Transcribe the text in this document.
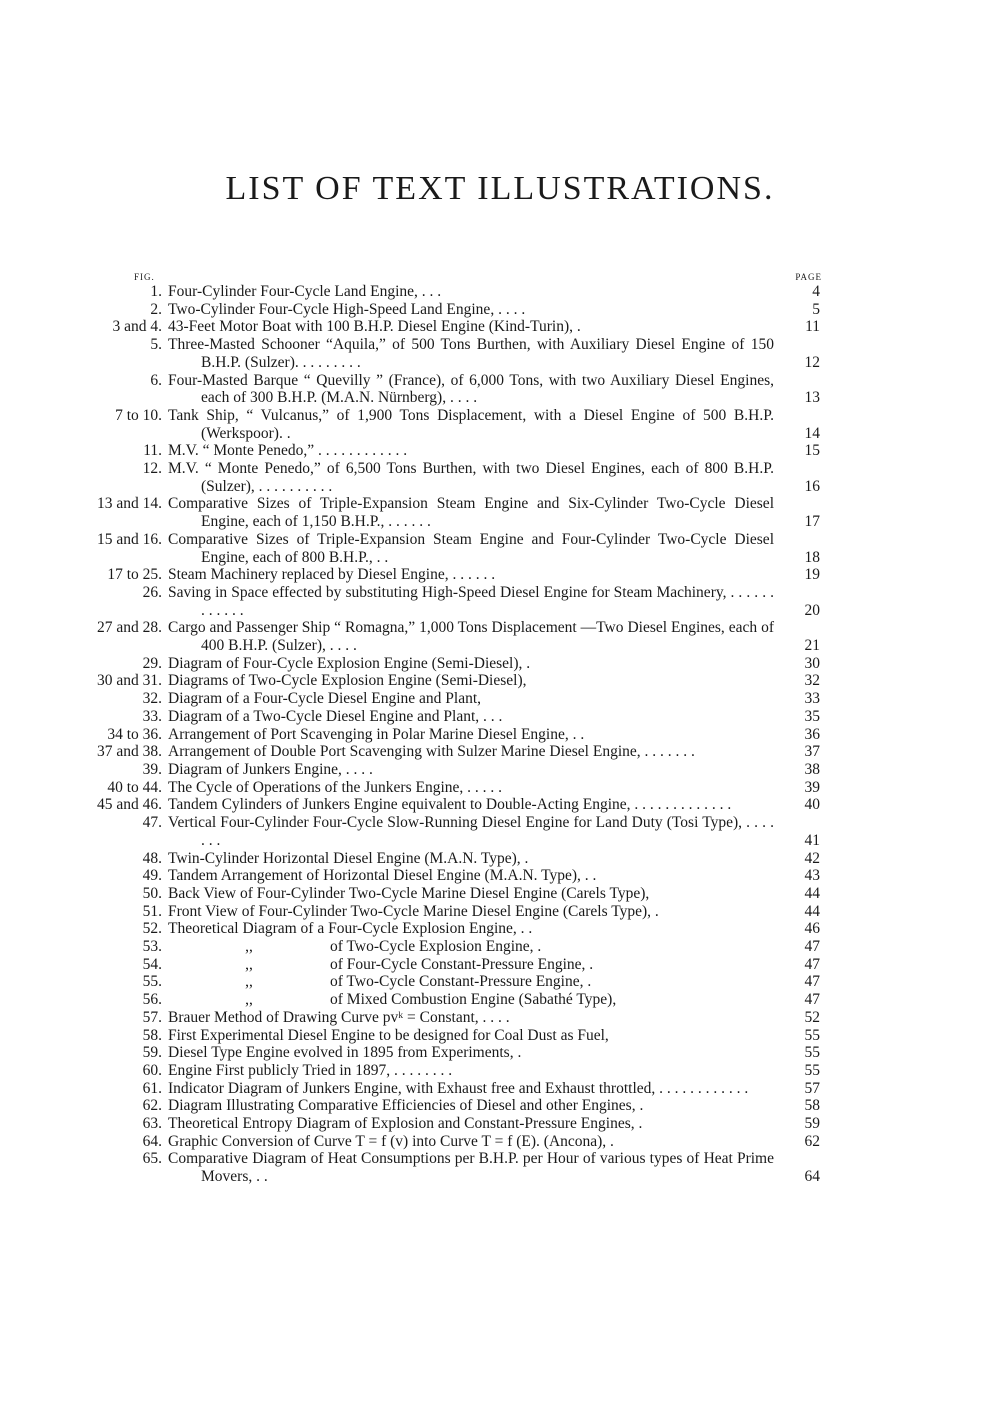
LIST OF TEXT ILLUSTRATIONS.
FIG.	PAGE
1. Four-Cylinder Four-Cycle Land Engine, . . .	4
2. Two-Cylinder Four-Cycle High-Speed Land Engine, . . . .	5
3 and 4. 43-Feet Motor Boat with 100 B.H.P. Diesel Engine (Kind-Turin), .	11
5. Three-Masted Schooner “Aquila,” of 500 Tons Burthen, with Auxiliary Diesel Engine of 150 B.H.P. (Sulzer). . . . . . . . .	12
6. Four-Masted Barque “ Quevilly ” (France), of 6,000 Tons, with two Auxiliary Diesel Engines, each of 300 B.H.P. (M.A.N. Nürnberg), . . . .	13
7 to 10. Tank Ship, “ Vulcanus,” of 1,900 Tons Displacement, with a Diesel Engine of 500 B.H.P. (Werkspoor). .	14
11. M.V. “ Monte Penedo,” . . . . . . . . . . . .	15
12. M.V. “ Monte Penedo,” of 6,500 Tons Burthen, with two Diesel Engines, each of 800 B.H.P. (Sulzer), . . . . . . . . . .	16
13 and 14. Comparative Sizes of Triple-Expansion Steam Engine and Six-Cylinder Two-Cycle Diesel Engine, each of 1,150 B.H.P., . . . . . .	17
15 and 16. Comparative Sizes of Triple-Expansion Steam Engine and Four-Cylinder Two-Cycle Diesel Engine, each of 800 B.H.P., . .	18
17 to 25. Steam Machinery replaced by Diesel Engine, . . . . . .	19
26. Saving in Space effected by substituting High-Speed Diesel Engine for Steam Machinery, . . . . . . . . . . . .	20
27 and 28. Cargo and Passenger Ship “ Romagna,” 1,000 Tons Displacement —Two Diesel Engines, each of 400 B.H.P. (Sulzer), . . . .	21
29. Diagram of Four-Cycle Explosion Engine (Semi-Diesel), .	30
30 and 31. Diagrams of Two-Cycle Explosion Engine (Semi-Diesel),	32
32. Diagram of a Four-Cycle Diesel Engine and Plant,	33
33. Diagram of a Two-Cycle Diesel Engine and Plant, . . .	35
34 to 36. Arrangement of Port Scavenging in Polar Marine Diesel Engine, . .	36
37 and 38. Arrangement of Double Port Scavenging with Sulzer Marine Diesel Engine, . . . . . . .	37
39. Diagram of Junkers Engine, . . . .	38
40 to 44. The Cycle of Operations of the Junkers Engine, . . . . .	39
45 and 46. Tandem Cylinders of Junkers Engine equivalent to Double-Acting Engine, . . . . . . . . . . . . .	40
47. Vertical Four-Cylinder Four-Cycle Slow-Running Diesel Engine for Land Duty (Tosi Type), . . . . . . .	41
48. Twin-Cylinder Horizontal Diesel Engine (M.A.N. Type), .	42
49. Tandem Arrangement of Horizontal Diesel Engine (M.A.N. Type), . .	43
50. Back View of Four-Cylinder Two-Cycle Marine Diesel Engine (Carels Type),	44
51. Front View of Four-Cylinder Two-Cycle Marine Diesel Engine (Carels Type), .	44
52. Theoretical Diagram of a Four-Cycle Explosion Engine, . .	46
53.	,,	of Two-Cycle Explosion Engine, .	47
54.	,,	of Four-Cycle Constant-Pressure Engine, .	47
55.	,,	of Two-Cycle Constant-Pressure Engine, .	47
56.	,,	of Mixed Combustion Engine (Sabathé Type),	47
57. Brauer Method of Drawing Curve pvᵏ = Constant, . . . .	52
58. First Experimental Diesel Engine to be designed for Coal Dust as Fuel,	55
59. Diesel Type Engine evolved in 1895 from Experiments, .	55
60. Engine First publicly Tried in 1897, . . . . . . . .	55
61. Indicator Diagram of Junkers Engine, with Exhaust free and Exhaust throttled, . . . . . . . . . . . .	57
62. Diagram Illustrating Comparative Efficiencies of Diesel and other Engines, .	58
63. Theoretical Entropy Diagram of Explosion and Constant-Pressure Engines, .	59
64. Graphic Conversion of Curve T = f (v) into Curve T = f (E). (Ancona), .	62
65. Comparative Diagram of Heat Consumptions per B.H.P. per Hour of various types of Heat Prime Movers, . .	64
